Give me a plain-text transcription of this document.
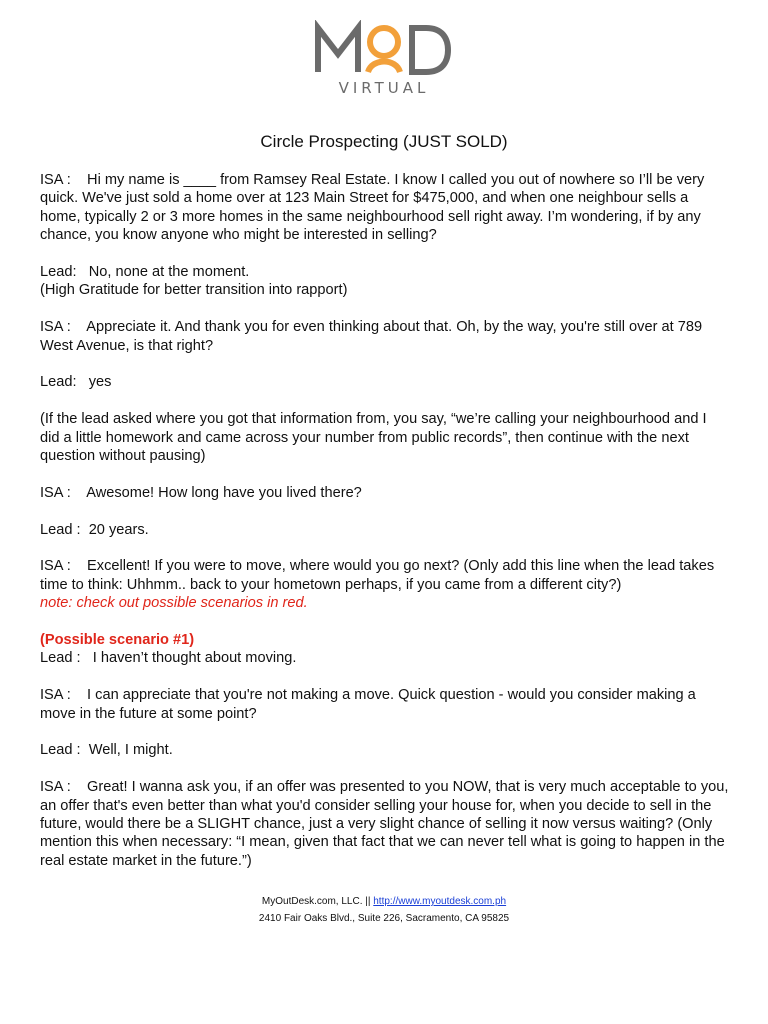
VIRTUAL
Circle Prospecting (JUST SOLD)

ISA : Hi my name is ____ from Ramsey Real Estate. I know I called you out of nowhere so I’ll be very quick. We've just sold a home over at 123 Main Street for $475,000, and when one neighbour sells a home, typically 2 or 3 more homes in the same neighbourhood sell right away. I’m wondering, if by any chance, you know anyone who might be interested in selling?

Lead: No, none at the moment.
(High Gratitude for better transition into rapport)

ISA : Appreciate it. And thank you for even thinking about that. Oh, by the way, you're still over at 789 West Avenue, is that right?

Lead: yes

(If the lead asked where you got that information from, you say, “we’re calling your neighbourhood and I did a little homework and came across your number from public records”, then continue with the next question without pausing)

ISA : Awesome! How long have you lived there?

Lead : 20 years.

ISA : Excellent! If you were to move, where would you go next? (Only add this line when the lead takes time to think: Uhhmm.. back to your hometown perhaps, if you came from a different city?)
note: check out possible scenarios in red.

(Possible scenario #1)
Lead : I haven’t thought about moving.

ISA : I can appreciate that you're not making a move. Quick question - would you consider making a move in the future at some point?

Lead : Well, I might.

ISA : Great! I wanna ask you, if an offer was presented to you NOW, that is very much acceptable to you, an offer that's even better than what you'd consider selling your house for, when you decide to sell in the future, would there be a SLIGHT chance, just a very slight chance of selling it now versus waiting? (Only mention this when necessary: “I mean, given that fact that we can never tell what is going to happen in the real estate market in the future.”)

MyOutDesk.com, LLC. || http://www.myoutdesk.com.ph
2410 Fair Oaks Blvd., Suite 226, Sacramento, CA 95825
